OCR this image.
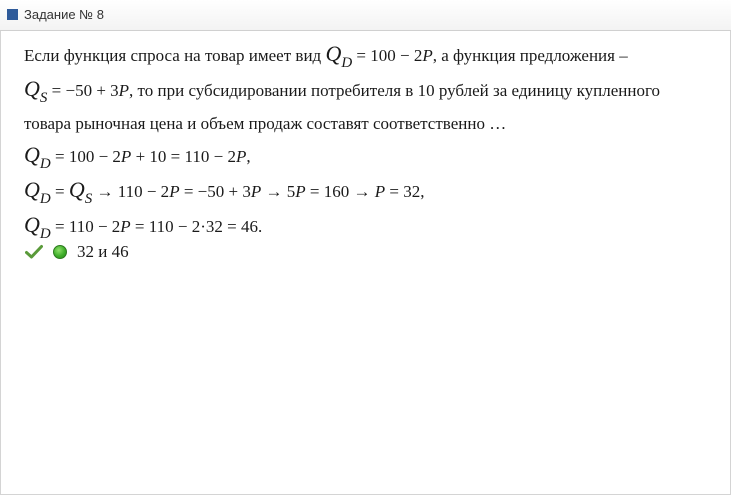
Задание № 8

Если функция спроса на товар имеет вид QD = 100 − 2P, а функция предложения –

QS = −50 + 3P, то при субсидировании потребителя в 10 рублей за единицу купленного

товара рыночная цена и объем продаж составят соответственно …

QD = 100 − 2P + 10 = 110 − 2P,

QD = QS → 110 − 2P = −50 + 3P → 5P = 160 → P = 32,

QD = 110 − 2P = 110 − 2·32 = 46.

32 и 46
